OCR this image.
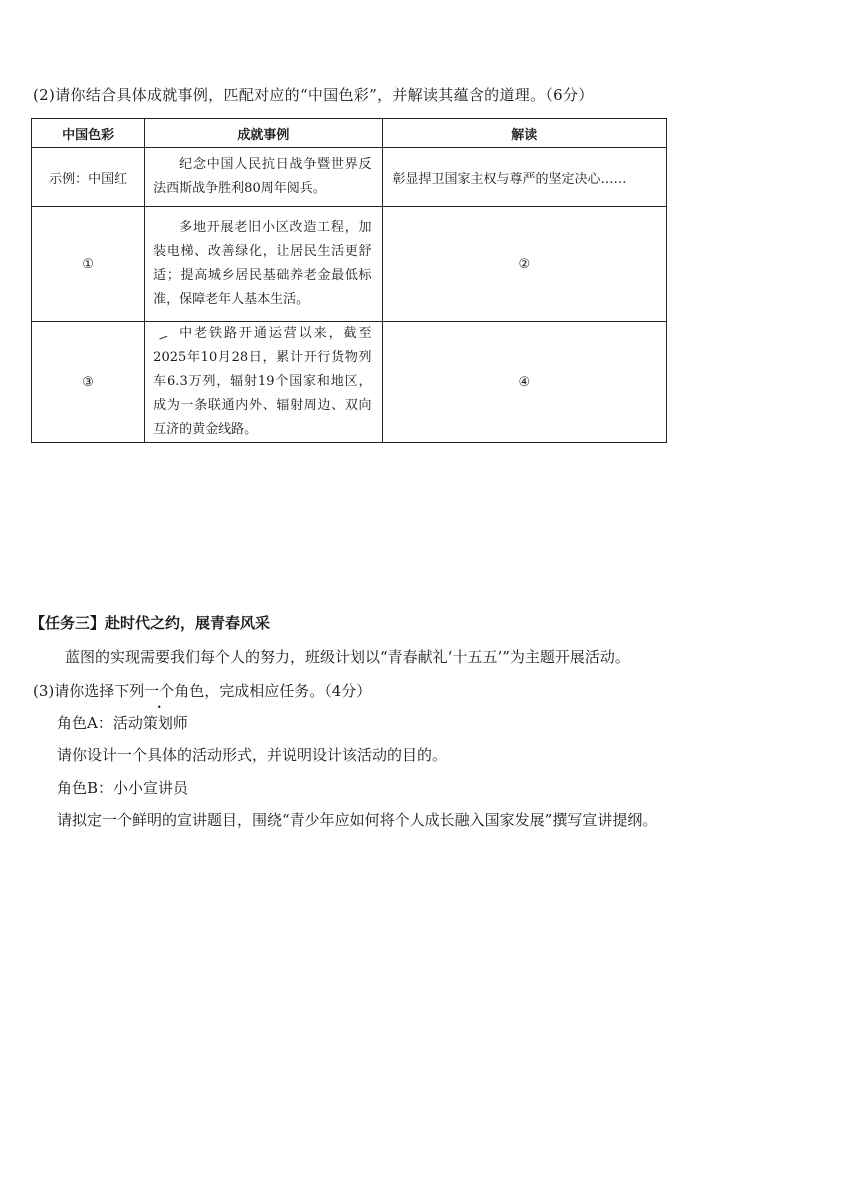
(2)请你结合具体成就事例，匹配对应的“中国色彩”，并解读其蕴含的道理。（6分）
中国色彩	成就事例	解读
示例：中国红	纪念中国人民抗日战争暨世界反法西斯战争胜利80周年阅兵。	彰显捍卫国家主权与尊严的坚定决心……
①	多地开展老旧小区改造工程，加装电梯、改善绿化，让居民生活更舒适；提高城乡居民基础养老金最低标准，保障老年人基本生活。	②
③	中老铁路开通运营以来，截至2025年10月28日，累计开行货物列车6.3万列，辐射19个国家和地区，成为一条联通内外、辐射周边、双向互济的黄金线路。	④
【任务三】赴时代之约，展青春风采
蓝图的实现需要我们每个人的努力，班级计划以“青春献礼‘十五五’”为主题开展活动。
(3)请你选择下列一个角色，完成相应任务。（4分）
角色A：活动策划师
请你设计一个具体的活动形式，并说明设计该活动的目的。
角色B：小小宣讲员
请拟定一个鲜明的宣讲题目，围绕“青少年应如何将个人成长融入国家发展”撰写宣讲提纲。
